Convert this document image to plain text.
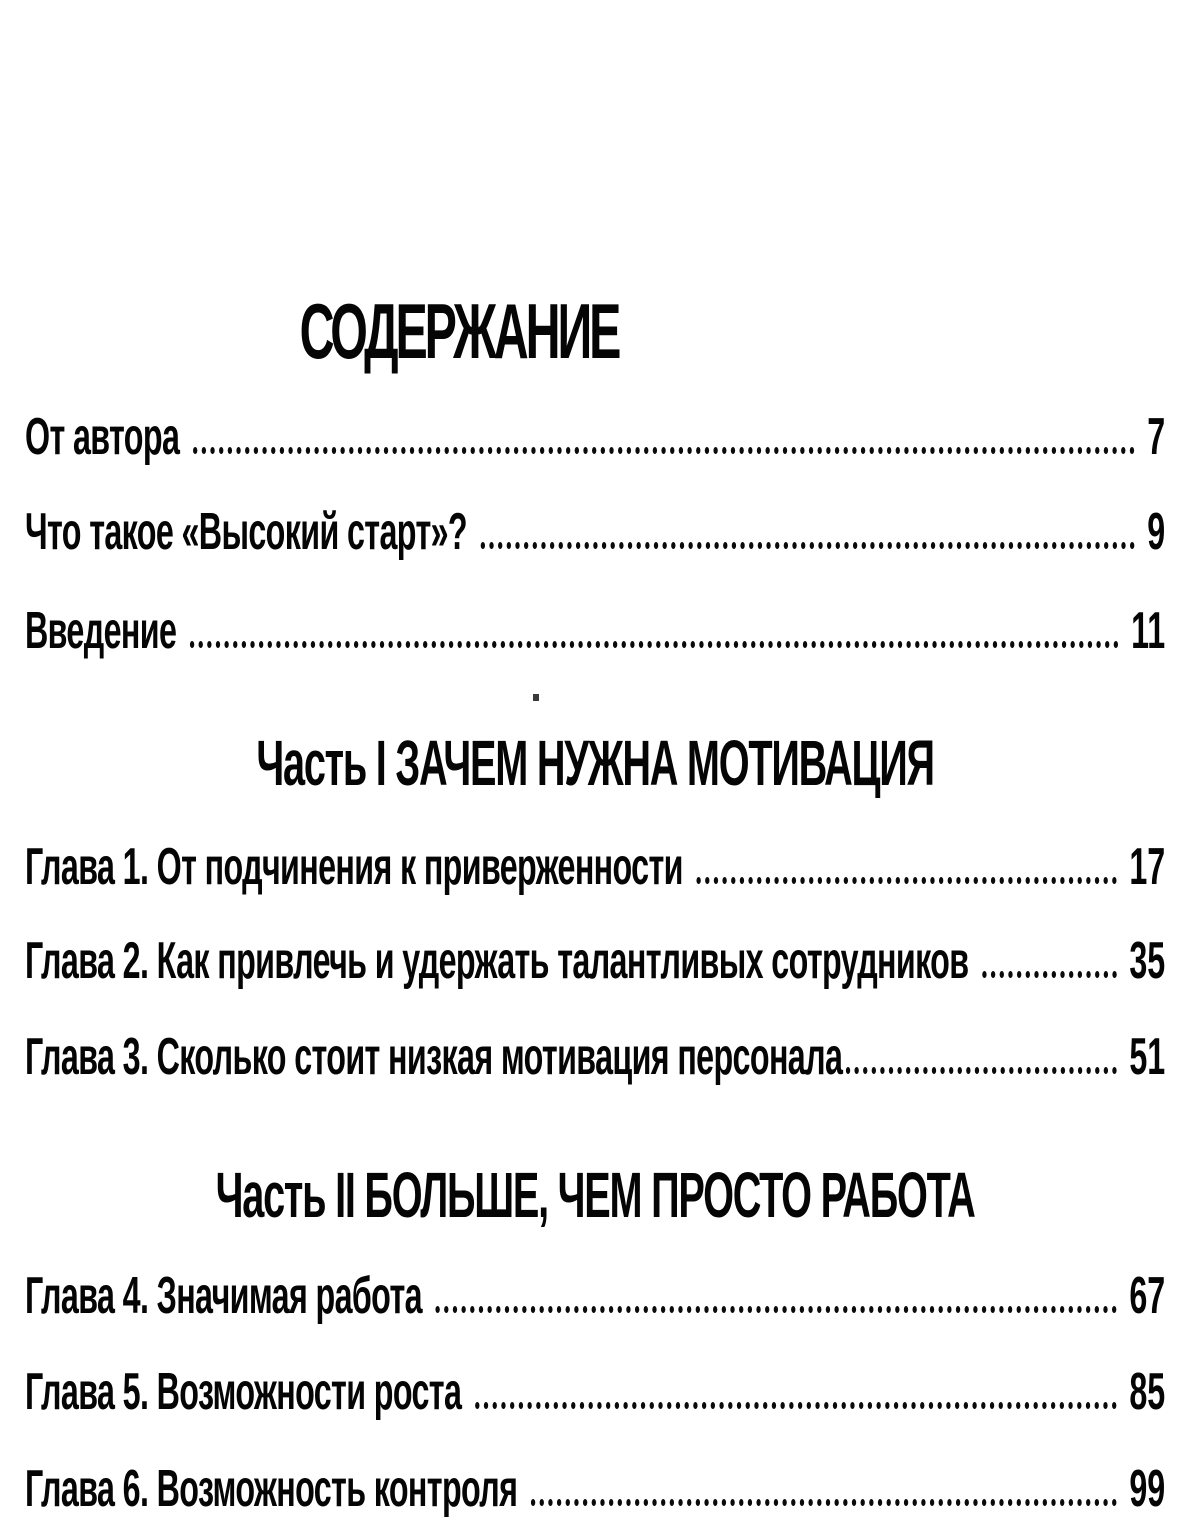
СОДЕРЖАНИЕ
От автора	7
Что такое «Высокий старт»?	9
Введение	11
Часть I ЗАЧЕМ НУЖНА МОТИВАЦИЯ
Глава 1. От подчинения к приверженности	17
Глава 2. Как привлечь и удержать талантливых сотрудников	35
Глава 3. Сколько стоит низкая мотивация персонала	51
Часть II БОЛЬШЕ, ЧЕМ ПРОСТО РАБОТА
Глава 4. Значимая работа	67
Глава 5. Возможности роста	85
Глава 6. Возможность контроля	99
